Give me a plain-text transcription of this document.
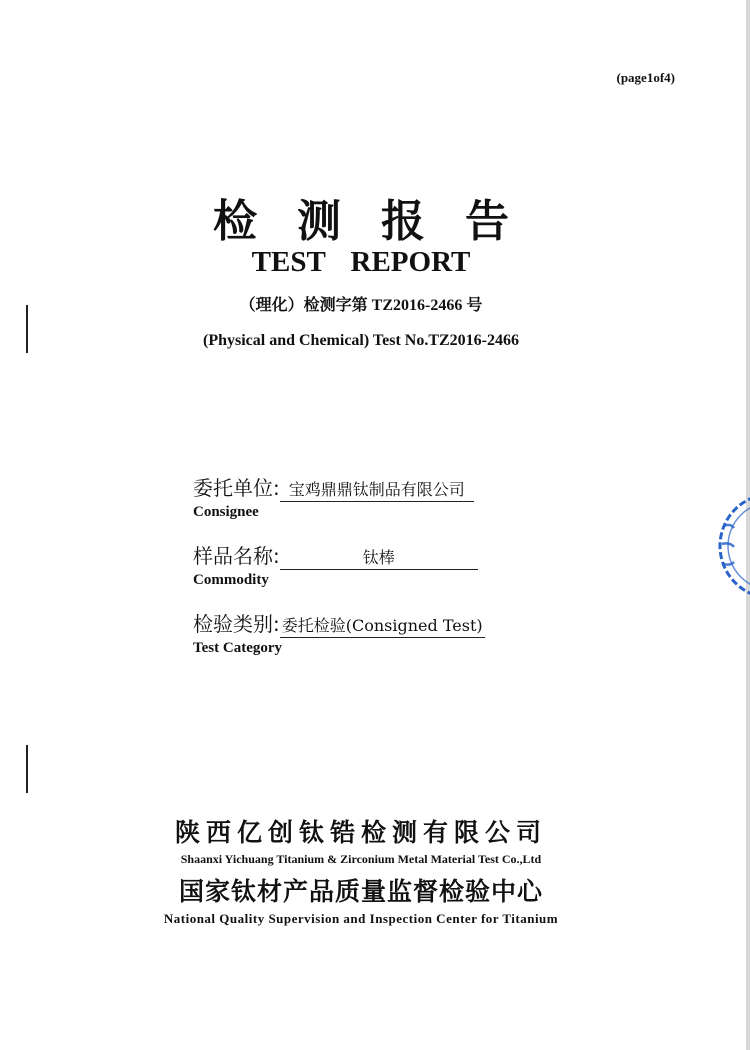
(page1of4)
检测报告
TEST REPORT
（理化）检测字第 TZ2016-2466 号
(Physical and Chemical) Test No.TZ2016-2466
委托单位: 宝鸡鼎鼎钛制品有限公司
Consignee
样品名称:	钛棒
Commodity
检验类别: 委托检验(Consigned Test)
Test Category
陕西亿创钛锆检测有限公司
Shaanxi Yichuang Titanium & Zirconium Metal Material Test Co.,Ltd
国家钛材产品质量监督检验中心
National Quality Supervision and Inspection Center for Titanium
